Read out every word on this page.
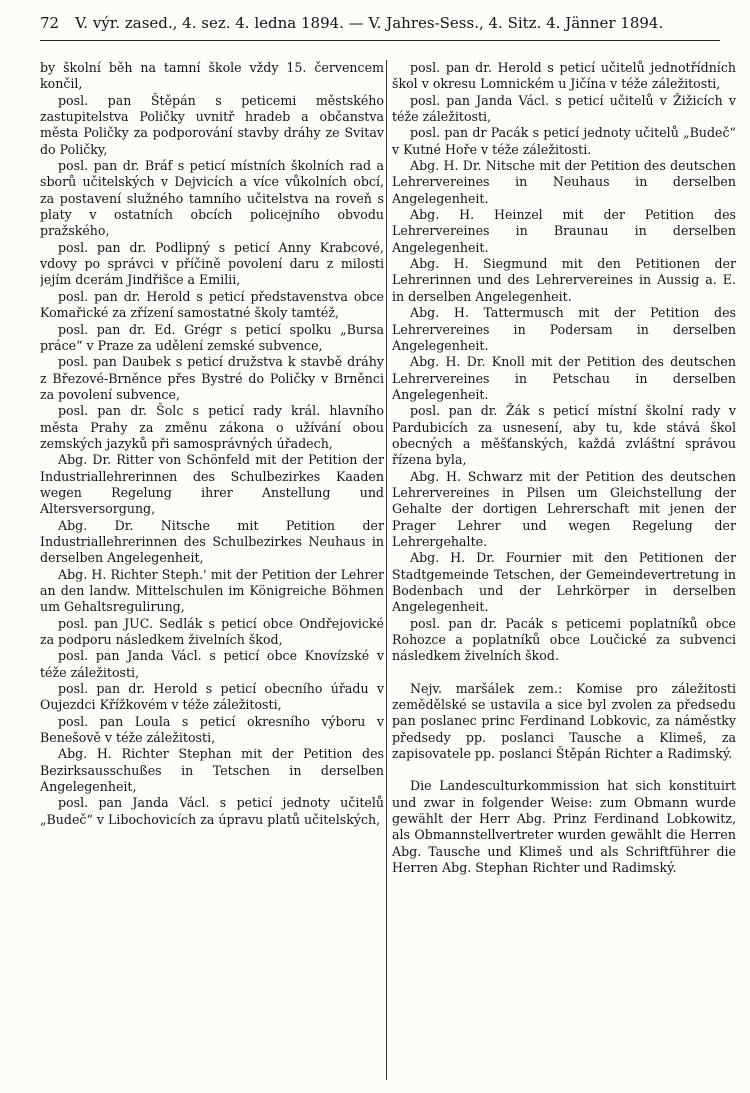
72 V. výr. zased., 4. sez. 4. ledna 1894. — V. Jahres-Sess., 4. Sitz. 4. Jänner 1894.

by školní běh na tamní škole vždy 15. červencem končil,

posl. pan Štěpán s peticemi městského zastupitelstva Poličky uvnitř hradeb a občanstva města Poličky za podporování stavby dráhy ze Svitav do Poličky,

posl. pan dr. Bráf s peticí místních školních rad a sborů učitelských v Dejvicích a více vůkolních obcí, za postavení služného tamního učitelstva na roveň s platy v ostatních obcích policejního obvodu pražského,

posl. pan dr. Podlipný s peticí Anny Krabcové, vdovy po správci v příčině povolení daru z milosti jejím dcerám Jindřišce a Emilii,

posl. pan dr. Herold s peticí představenstva obce Komařické za zřízení samostatné školy tamtéž,

posl. pan dr. Ed. Grégr s peticí spolku „Bursa práce“ v Praze za udělení zemské subvence,

posl. pan Daubek s peticí družstva k stavbě dráhy z Březové-Brněnce přes Bystré do Poličky v Brněnci za povolení subvence,

posl. pan dr. Šolc s peticí rady král. hlavního města Prahy za změnu zákona o užívání obou zemských jazyků při samosprávných úřadech,

Abg. Dr. Ritter von Schönfeld mit der Petition der Industriallehrerinnen des Schulbezirkes Kaaden wegen Regelung ihrer Anstellung und Altersversorgung,

Abg. Dr. Nitsche mit Petition der Industriallehrerinnen des Schulbezirkes Neuhaus in derselben Angelegenheit,

Abg. H. Richter Steph.' mit der Petition der Lehrer an den landw. Mittelschulen im Königreiche Böhmen um Gehaltsregulirung,

posl. pan JUC. Sedlák s peticí obce Ondřejovické za podporu následkem živelních škod,

posl. pan Janda Václ. s peticí obce Knovízské v téže záležitosti,

posl. pan dr. Herold s peticí obecního úřadu v Oujezdci Křížkovém v téže záležitosti,

posl. pan Loula s peticí okresního výboru v Benešově v téže záležitosti,

Abg. H. Richter Stephan mit der Petition des Bezirksausschußes in Tetschen in derselben Angelegenheit,

posl. pan Janda Václ. s peticí jednoty učitelů „Budeč“ v Libochovicích za úpravu platů učitelských,

posl. pan dr. Herold s peticí učitelů jednotřídních škol v okresu Lomnickém u Jičína v téže záležitosti,

posl. pan Janda Václ. s peticí učitelů v Žižicích v téže záležitosti,

posl. pan dr Pacák s peticí jednoty učitelů „Budeč“ v Kutné Hoře v téže záležitosti.

Abg. H. Dr. Nitsche mit der Petition des deutschen Lehrervereines in Neuhaus in derselben Angelegenheit.

Abg. H. Heinzel mit der Petition des Lehrervereines in Braunau in derselben Angelegenheit.

Abg. H. Siegmund mit den Petitionen der Lehrerinnen und des Lehrervereines in Aussig a. E. in derselben Angelegenheit.

Abg. H. Tattermusch mit der Petition des Lehrervereines in Podersam in derselben Angelegenheit.

Abg. H. Dr. Knoll mit der Petition des deutschen Lehrervereines in Petschau in derselben Angelegenheit.

posl. pan dr. Žák s peticí místní školní rady v Pardubicích za usnesení, aby tu, kde stává škol obecných a měšťanských, každá zvláštní správou řízena byla,

Abg. H. Schwarz mit der Petition des deutschen Lehrervereines in Pilsen um Gleichstellung der Gehalte der dortigen Lehrerschaft mit jenen der Prager Lehrer und wegen Regelung der Lehrergehalte.

Abg. H. Dr. Fournier mit den Petitionen der Stadtgemeinde Tetschen, der Gemeindevertretung in Bodenbach und der Lehrkörper in derselben Angelegenheit.

posl. pan dr. Pacák s peticemi poplatníků obce Rohozce a poplatníků obce Loučické za subvenci následkem živelních škod.

Nejv. maršálek zem.: Komise pro záležitosti zemědělské se ustavila a sice byl zvolen za předsedu pan poslanec princ Ferdinand Lobkovic, za náměstky předsedy pp. poslanci Tausche a Klimeš, za zapisovatele pp. poslanci Štěpán Richter a Radimský.

Die Landesculturkommission hat sich konstituirt und zwar in folgender Weise: zum Obmann wurde gewählt der Herr Abg. Prinz Ferdinand Lobkowitz, als Obmannstellvertreter wurden gewählt die Herren Abg. Tausche und Klimeš und als Schriftführer die Herren Abg. Stephan Richter und Radimský.
